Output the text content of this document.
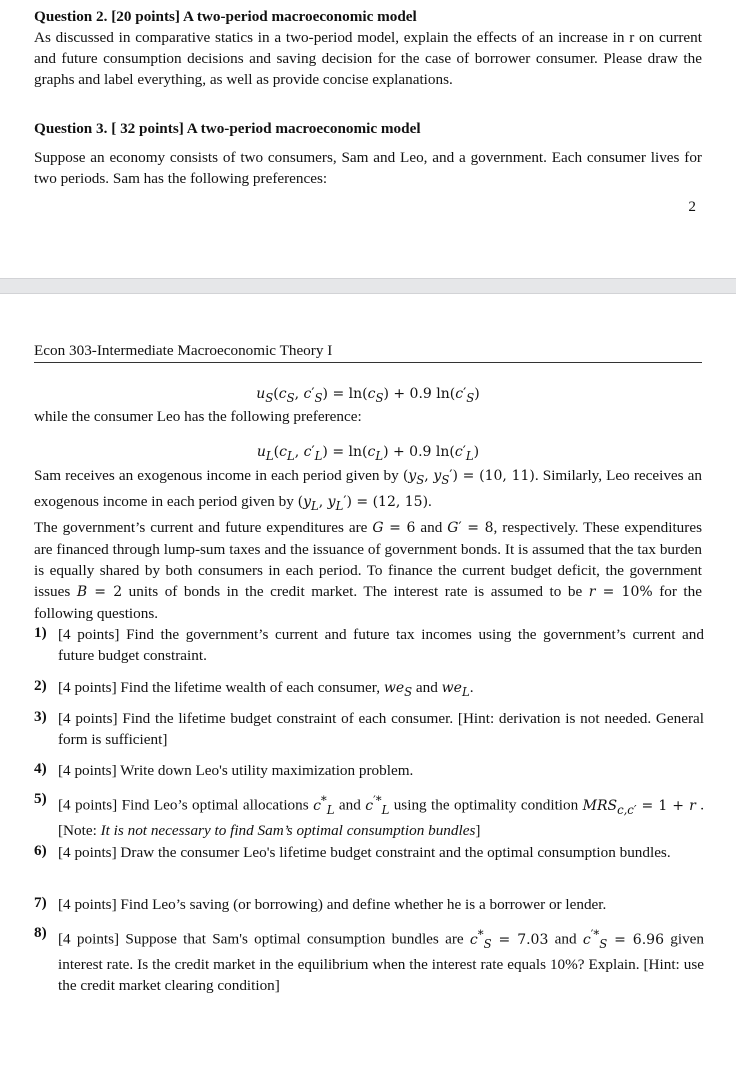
Question 2. [20 points] A two-period macroeconomic model

As discussed in comparative statics in a two-period model, explain the effects of an increase in r on current and future consumption decisions and saving decision for the case of borrower consumer. Please draw the graphs and label everything, as well as provide concise explanations.

Question 3. [ 32 points] A two-period macroeconomic model

Suppose an economy consists of two consumers, Sam and Leo, and a government. Each consumer lives for two periods. Sam has the following preferences:

2
Econ 303-Intermediate Macroeconomic Theory I
$u_S(c_S$, $c'_S) = \ln(c_S) + 0.9$ $\ln(c'_S)$

while the consumer Leo has the following preference:

$u_L(c_L$, $c'_L) = \ln(c_L) + 0.9$ $\ln(c'_L)$

Sam receives an exogenous income in each period given by ($y_S$, $y_S') = (10$, 11). Similarly, Leo receives an exogenous income in each period given by ($y_L$, $y_L') = (12$, 15).

The government’s current and future expenditures are G = 6 and G′ = 8, respectively. These expenditures are financed through lump-sum taxes and the issuance of government bonds. It is assumed that the tax burden is equally shared by both consumers in each period. To finance the current budget deficit, the government issues B = 2 units of bonds in the credit market. The interest rate is assumed to be r = 10% for the following questions.

1) [4 points] Find the government’s current and future tax incomes using the government’s current and future budget constraint.
2) [4 points] Find the lifetime wealth of each consumer, $we_S$ and $we_L$.
3) [4 points] Find the lifetime budget constraint of each consumer. [Hint: derivation is not needed. General form is sufficient]
4) [4 points] Write down Leo's utility maximization problem.
5) [4 points] Find Leo’s optimal allocations $c^*_L$ and $c^{'*}_L$ using the optimality condition $MRS_{c,c'} = 1 + r$ . [Note: It is not necessary to find Sam’s optimal consumption bundles]
6) [4 points] Draw the consumer Leo's lifetime budget constraint and the optimal consumption bundles.
7) [4 points] Find Leo’s saving (or borrowing) and define whether he is a borrower or lender.
8) [4 points] Suppose that Sam's optimal consumption bundles are $c^*_S = 7.03$ and $c^{'*}_S = 6.96$ given interest rate. Is the credit market in the equilibrium when the interest rate equals 10%? Explain. [Hint: use the credit market clearing condition]
